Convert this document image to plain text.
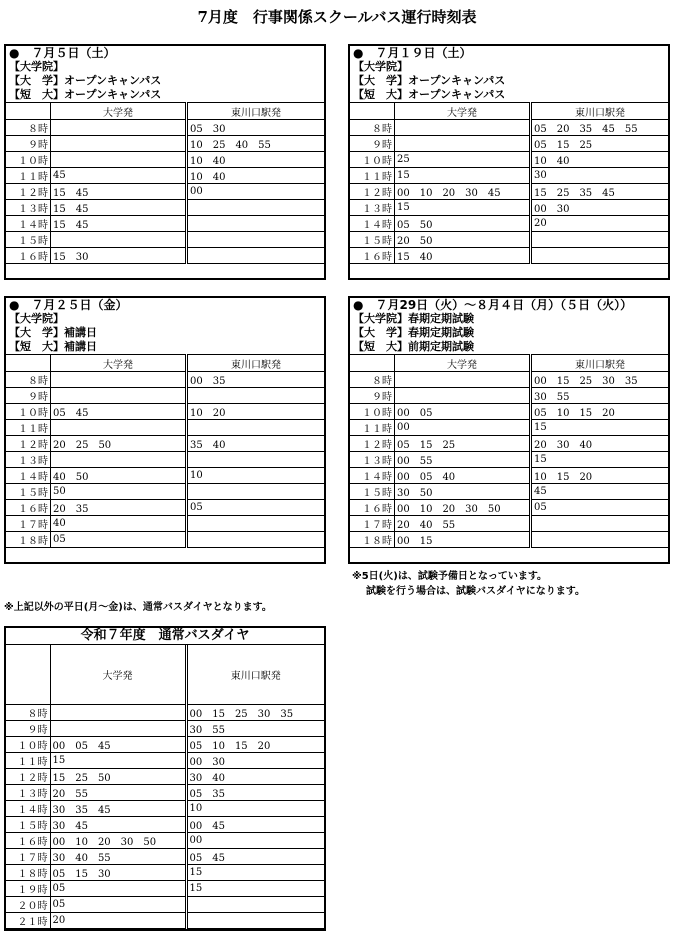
7月度　行事関係スクールバス運行時刻表
●　７月５日（土）
【大学院】
【大　学】オープンキャンパス
【短　大】オープンキャンパス
	大学発	東川口駅発
８時		05　30
９時		10　25　40　55
１０時		10　40
１１時	45	10　40
１２時	15　45	00
１３時	15　45	
１４時	15　45	
１５時		
１６時	15　30	
●　７月１９日（土）
【大学院】
【大　学】オープンキャンパス
【短　大】オープンキャンパス
	大学発	東川口駅発
８時		05　20　35　45　55
９時		05　15　25
１０時	25	10　40
１１時	15	30
１２時	00　10　20　30　45	15　25　35　45
１３時	15	00　30
１４時	05　50	20
１５時	20　50	
１６時	15　40	
●　７月２５日（金）
【大学院】
【大　学】補講日
【短　大】補講日
	大学発	東川口駅発
８時		00　35
９時		
１０時	05　45	10　20
１１時		
１２時	20　25　50	35　40
１３時		
１４時	40　50	10
１５時	50	
１６時	20　35	05
１７時	40	
１８時	05	
●　７月29日（火）～８月４日（月）（５日（火））
【大学院】春期定期試験
【大　学】春期定期試験
【短　大】前期定期試験
	大学発	東川口駅発
８時		00　15　25　30　35
９時		30　55
１０時	00　05	05　10　15　20
１１時	00	15
１２時	05　15　25	20　30　40
１３時	00　55	15
１４時	00　05　40	10　15　20
１５時	30　50	45
１６時	00　10　20　30　50	05
１７時	20　40　55	
１８時	00　15	
※5日(火)は、試験予備日となっています。
試験を行う場合は、試験バスダイヤになります。
※上記以外の平日(月～金)は、通常バスダイヤとなります。
令和７年度　通常バスダイヤ
	大学発	東川口駅発
８時		00　15　25　30　35
９時		30　55
１０時	00　05　45	05　10　15　20
１１時	15	00　30
１２時	15　25　50	30　40
１３時	20　55	05　35
１４時	30　35　45	10
１５時	30　45	00　45
１６時	00　10　20　30　50	00
１７時	30　40　55	05　45
１８時	05　15　30	15
１９時	05	15
２０時	05	
２１時	20	
